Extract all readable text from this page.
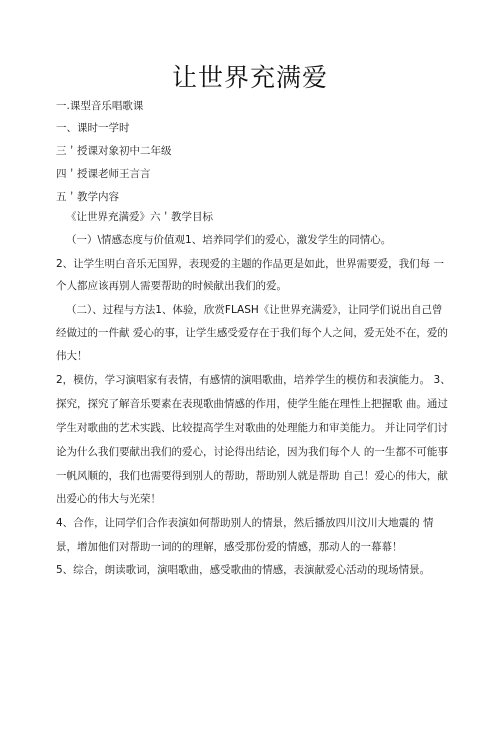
让世界充满爱
一.课型音乐唱歌课
一、课时一学时
三＇授课对象初中二年级
四＇授课老师王言言
五＇教学内容
《让世界充满爱》六＇教学目标
（一）\情感态度与价值观1、培养同学们的爱心，激发学生的同情心。
2、让学生明白音乐无国界，表现爱的主题的作品更是如此，世界需要爱，我们每 一
个人都应该再别人需要帮助的时候献出我们的爱。
（二）、过程与方法1、体验，欣赏FLASH《让世界充满爱》，让同学们说出自己曾
经做过的一件献 爱心的事，让学生感受爱存在于我们每个人之间，爱无处不在，爱的
伟大！
2，模仿，学习演唱家有表情，有感情的演唱歌曲，培养学生的模仿和表演能力。 3、
探究，探究了解音乐要素在表现歌曲情感的作用，使学生能在理性上把握歌 曲。通过
学生对歌曲的艺术实践、比较提高学生对歌曲的处理能力和审美能力。 并让同学们讨
论为什么我们要献出我们的爱心，讨论得出结论，因为我们每个人 的一生都不可能事
一帆风顺的，我们也需要得到别人的帮助，帮助别人就是帮助 自己！爱心的伟大，献
出爱心的伟大与光荣！
4、合作，让同学们合作表演如何帮助别人的情景，然后播放四川汶川大地震的 情
景，增加他们对帮助一词的的理解，感受那份爱的情感，那动人的一幕幕！
5、综合，朗读歌词，演唱歌曲，感受歌曲的情感，表演献爱心活动的现场情景。
